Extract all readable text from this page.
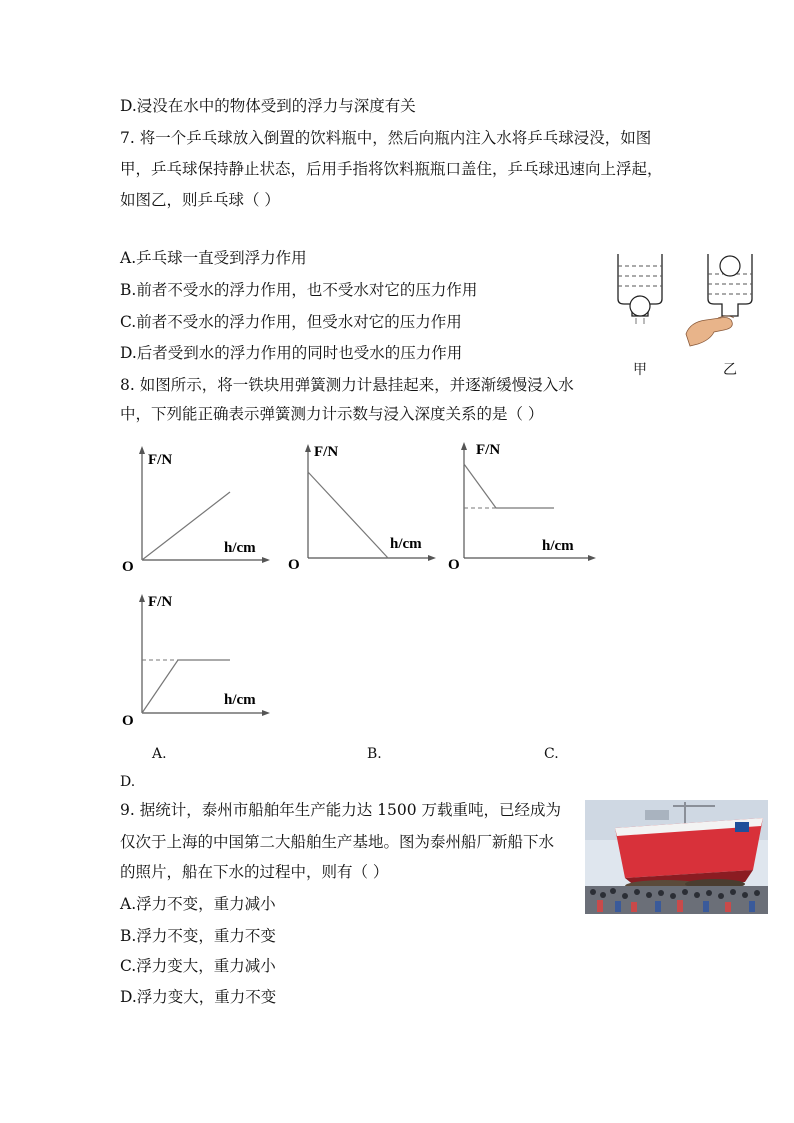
D.浸没在水中的物体受到的浮力与深度有关
7. 将一个乒乓球放入倒置的饮料瓶中，然后向瓶内注入水将乒乓球浸没，如图
甲，乒乓球保持静止状态，后用手指将饮料瓶瓶口盖住，乒乓球迅速向上浮起，
如图乙，则乒乓球（ ）
A.乒乓球一直受到浮力作用
B.前者不受水的浮力作用，也不受水对它的压力作用
C.前者不受水的浮力作用，但受水对它的压力作用
D.后者受到水的浮力作用的同时也受水的压力作用
甲	乙
8. 如图所示，将一铁块用弹簧测力计悬挂起来，并逐渐缓慢浸入水
中，下列能正确表示弹簧测力计示数与浸入深度关系的是（ ）
F/N
h/cm
O
F/N
h/cm
O
F/N
h/cm
O
F/N
h/cm
O
A.	B.	C.
D.
9. 据统计，泰州市船舶年生产能力达 1500 万载重吨，已经成为
仅次于上海的中国第二大船舶生产基地。图为泰州船厂新船下水
的照片，船在下水的过程中，则有（ ）
A.浮力不变，重力减小
B.浮力不变，重力不变
C.浮力变大，重力减小
D.浮力变大，重力不变
